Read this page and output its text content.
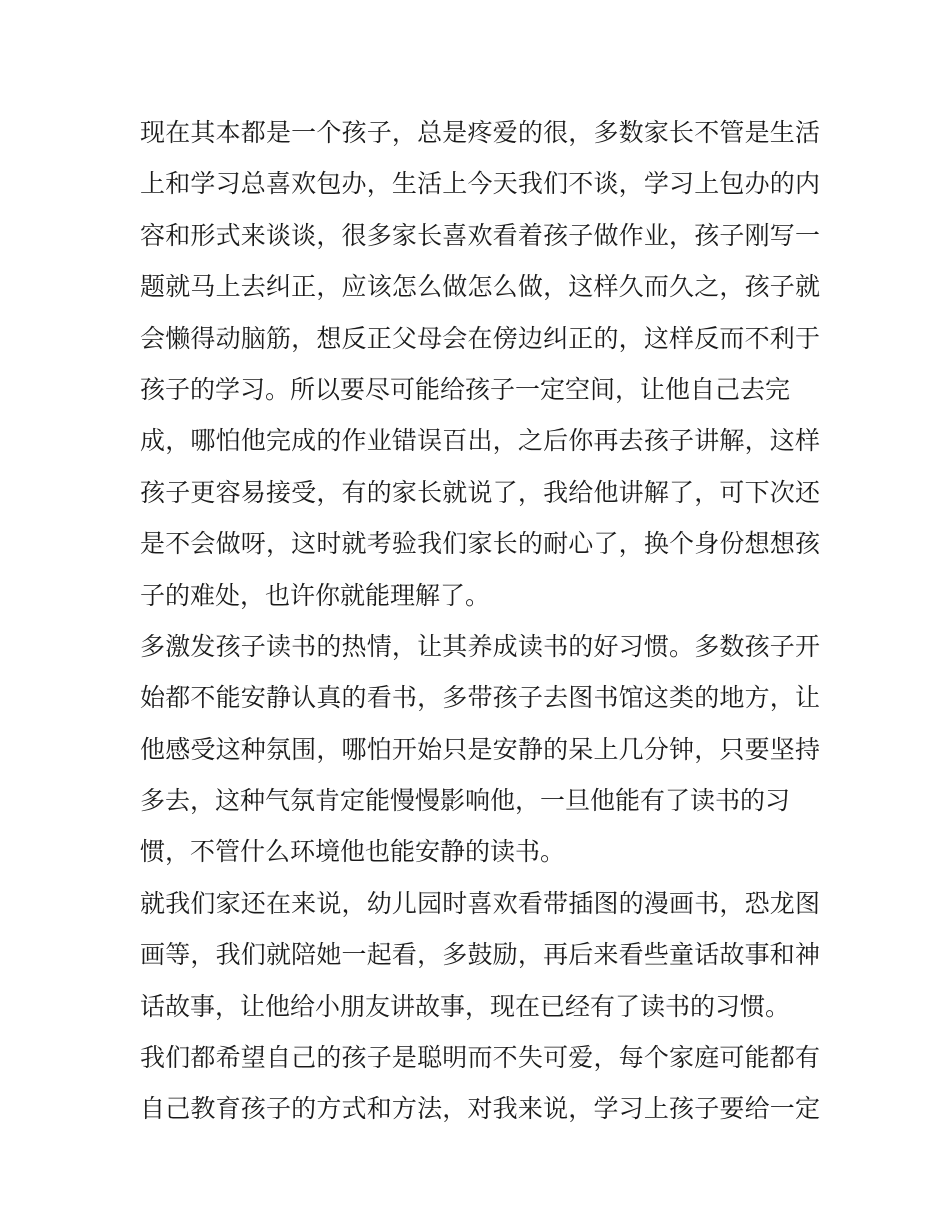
现在其本都是一个孩子，总是疼爱的很，多数家长不管是生活
上和学习总喜欢包办，生活上今天我们不谈，学习上包办的内
容和形式来谈谈，很多家长喜欢看着孩子做作业，孩子刚写一
题就马上去纠正，应该怎么做怎么做，这样久而久之，孩子就
会懒得动脑筋，想反正父母会在傍边纠正的，这样反而不利于
孩子的学习。所以要尽可能给孩子一定空间，让他自己去完
成，哪怕他完成的作业错误百出，之后你再去孩子讲解，这样
孩子更容易接受，有的家长就说了，我给他讲解了，可下次还
是不会做呀，这时就考验我们家长的耐心了，换个身份想想孩
子的难处，也许你就能理解了。
多激发孩子读书的热情，让其养成读书的好习惯。多数孩子开
始都不能安静认真的看书，多带孩子去图书馆这类的地方，让
他感受这种氛围，哪怕开始只是安静的呆上几分钟，只要坚持
多去，这种气氛肯定能慢慢影响他，一旦他能有了读书的习
惯，不管什么环境他也能安静的读书。
就我们家还在来说，幼儿园时喜欢看带插图的漫画书，恐龙图
画等，我们就陪她一起看，多鼓励，再后来看些童话故事和神
话故事，让他给小朋友讲故事，现在已经有了读书的习惯。
我们都希望自己的孩子是聪明而不失可爱，每个家庭可能都有
自己教育孩子的方式和方法，对我来说，学习上孩子要给一定
